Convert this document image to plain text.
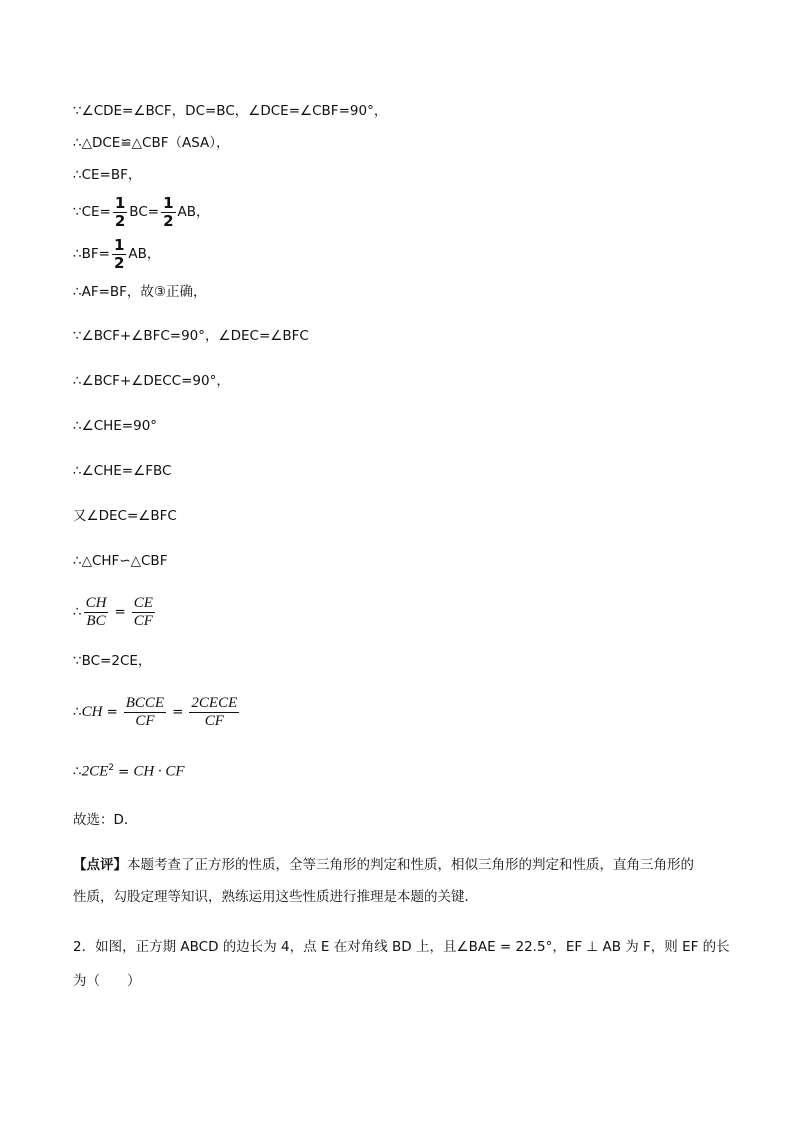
∵∠CDE=∠BCF，DC=BC，∠DCE=∠CBF=90°，
∴△DCE≌△CBF（ASA），
∴CE=BF，
∵CE= $\frac{1}{2} BC= \frac{1}{2}$ AB，
∴BF= $\frac{1}{2}$ AB，
∴AF=BF，故③正确，
∵∠BCF+∠BFC=90°，∠DEC=∠BFC
∴∠BCF+∠DECC=90°，
∴∠CHE=90°
∴∠CHE=∠FBC
又∠DEC=∠BFC
∴△CHF∽△CBF
∴ $\frac{CH}{BC} = \frac{CE}{CF}$
∵BC=2CE，
∴CH = $\frac{\text{BCCE}}{CF} = \frac{\text{2CECE}}{CF}$
$\therefore 2CE^2$ = CH · CF
故选：D．
【点评】本题考查了正方形的性质，全等三角形的判定和性质，相似三角形的判定和性质，直角三角形的
性质，勾股定理等知识，熟练运用这些性质进行推理是本题的关键．
2．如图，正方期 ABCD 的边长为 4，点 E 在对角线 BD 上，且∠BAE = 22.5°，EF ⊥ AB 为 F，则 EF 的长
为（　　）
